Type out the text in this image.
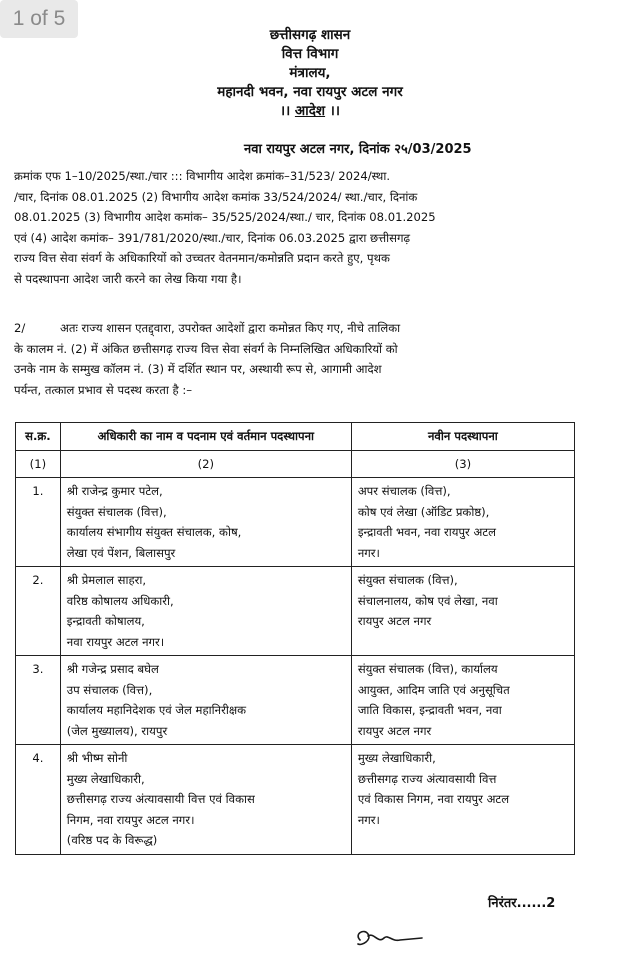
1 of 5
छत्तीसगढ़ शासन
वित्त विभाग
मंत्रालय,
महानदी भवन, नवा रायपुर अटल नगर
।। आदेश ।।
नवा रायपुर अटल नगर, दिनांक २५/03/2025
क्रमांक एफ 1–10/2025/स्था./चार ::: विभागीय आदेश क्रमांक–31/523/ 2024/स्था.
/चार, दिनांक 08.01.2025 (2) विभागीय आदेश कमांक 33/524/2024/ स्था./चार, दिनांक
08.01.2025 (3) विभागीय आदेश कमांक– 35/525/2024/स्था./ चार, दिनांक 08.01.2025
एवं (4) आदेश कमांक– 391/781/2020/स्था./चार, दिनांक 06.03.2025 द्वारा छत्तीसगढ़
राज्य वित्त सेवा संवर्ग के अधिकारियों को उच्चतर वेतनमान/कमोन्नति प्रदान करते हुए, पृथक
से पदस्थापना आदेश जारी करने का लेख किया गया है।
2/	अतः राज्य शासन एतद्द्वारा, उपरोक्त आदेशों द्वारा कमोन्नत किए गए, नीचे तालिका
के कालम नं. (2) में अंकित छत्तीसगढ़ राज्य वित्त सेवा संवर्ग के निम्नलिखित अधिकारियों को
उनके नाम के सम्मुख कॉलम नं. (3) में दर्शित स्थान पर, अस्थायी रूप से, आगामी आदेश
पर्यन्त, तत्काल प्रभाव से पदस्थ करता है :–
स.क्र.	अधिकारी का नाम व पदनाम एवं वर्तमान पदस्थापना	नवीन पदस्थापना
(1)	(2)	(3)
1.	श्री राजेन्द्र कुमार पटेल,
संयुक्त संचालक (वित्त),
कार्यालय संभागीय संयुक्त संचालक, कोष,
लेखा एवं पेंशन, बिलासपुर	अपर संचालक (वित्त),
कोष एवं लेखा (ऑडिट प्रकोष्ठ),
इन्द्रावती भवन, नवा रायपुर अटल
नगर।

2.	श्री प्रेमलाल साहरा,
वरिष्ठ कोषालय अधिकारी,
इन्द्रावती कोषालय,
नवा रायपुर अटल नगर।	संयुक्त संचालक (वित्त),
संचालनालय, कोष एवं लेखा, नवा
रायपुर अटल नगर

3.	श्री गजेन्द्र प्रसाद बघेल
उप संचालक (वित्त),
कार्यालय महानिदेशक एवं जेल महानिरीक्षक
(जेल मुख्यालय), रायपुर	संयुक्त संचालक (वित्त), कार्यालय
आयुक्त, आदिम जाति एवं अनुसूचित
जाति विकास, इन्द्रावती भवन, नवा
रायपुर अटल नगर

4.	श्री भीष्म सोनी
मुख्य लेखाधिकारी,
छत्तीसगढ़ राज्य अंत्यावसायी वित्त एवं विकास
निगम, नवा रायपुर अटल नगर।
(वरिष्ठ पद के विरूद्ध)	मुख्य लेखाधिकारी,
छत्तीसगढ़ राज्य अंत्यावसायी वित्त
एवं विकास निगम, नवा रायपुर अटल
नगर।
निरंतर......2
